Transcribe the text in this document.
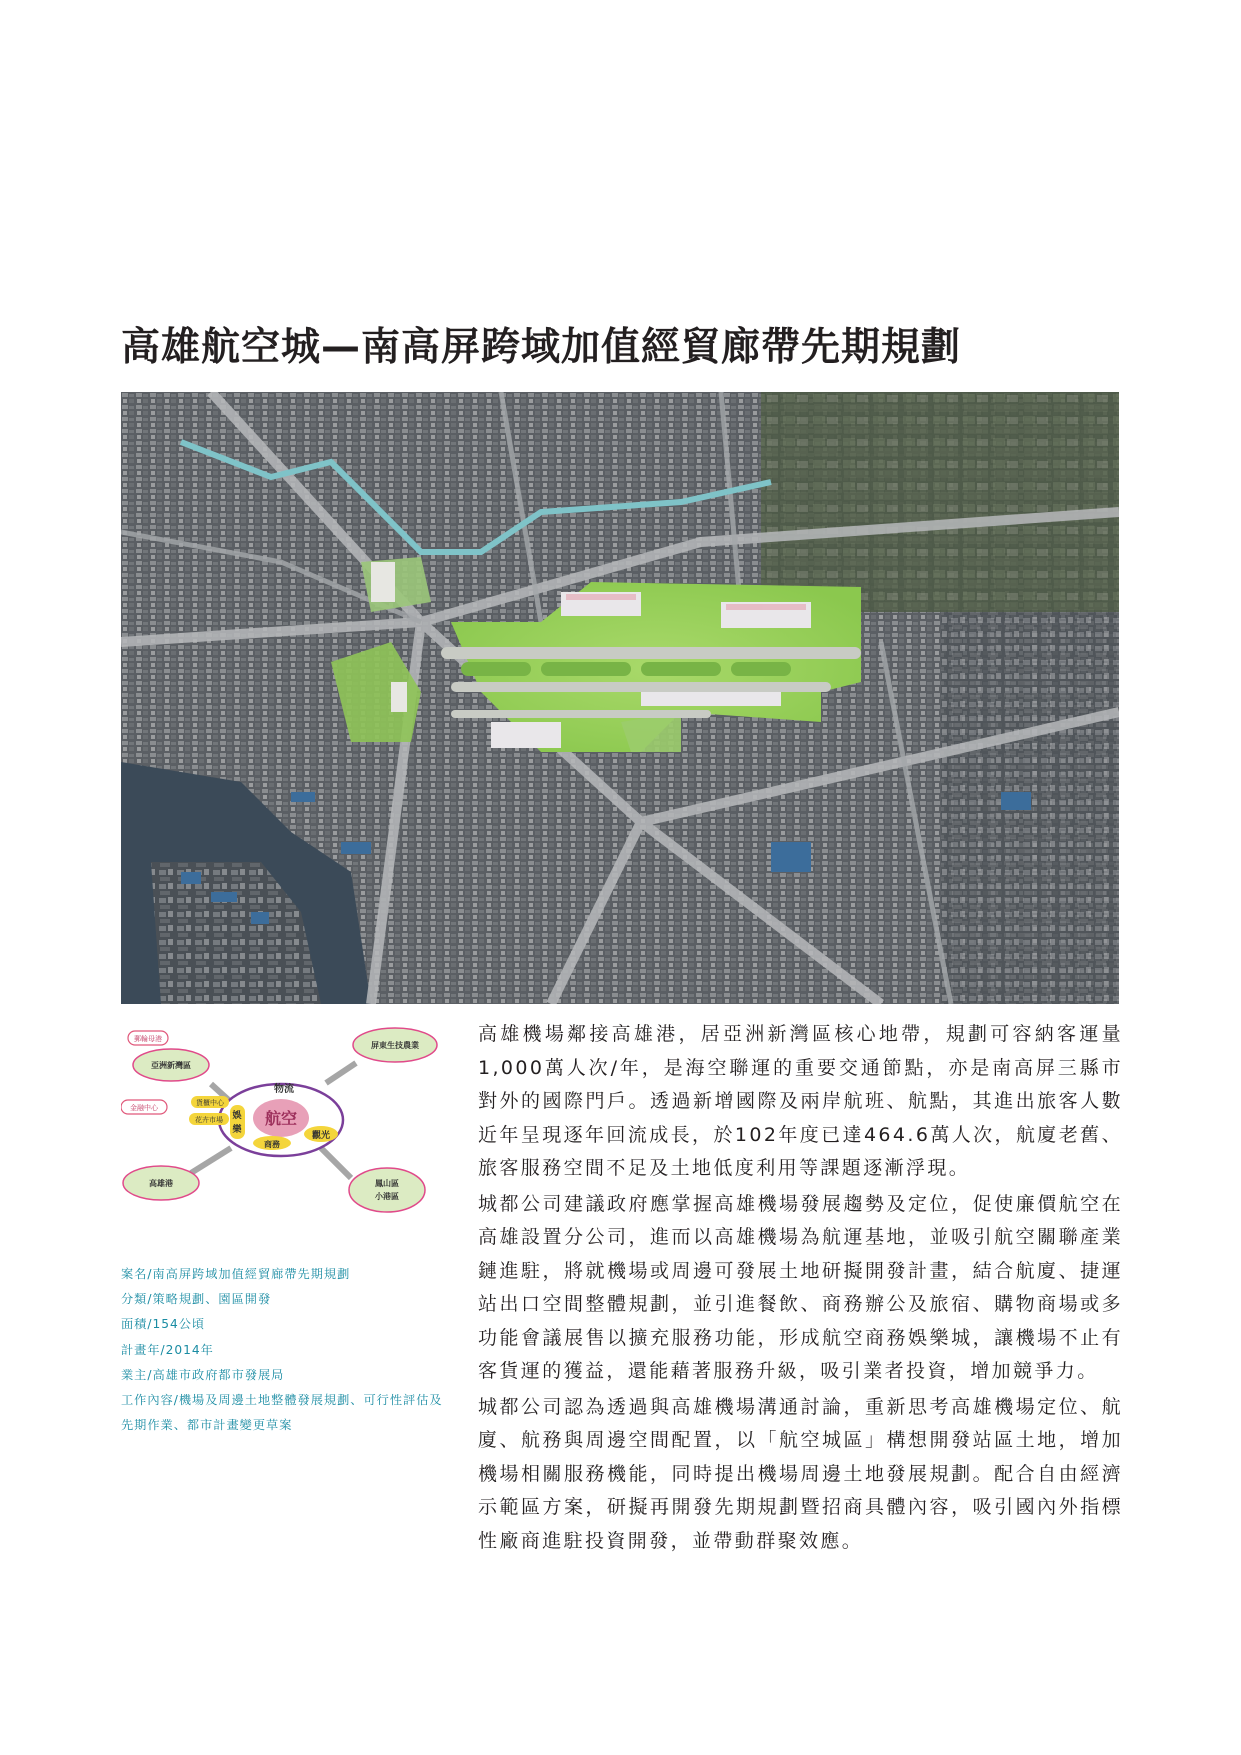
高雄航空城—南高屏跨域加值經貿廊帶先期規劃
航空
物流
娛
樂
商務
觀光
貨櫃中心
花卉市場
亞洲新灣區
屏東生技農業
高雄港	鳳山區
小港區
郵輪母港
金融中心
案名/南高屏跨域加值經貿廊帶先期規劃
分類/策略規劃、園區開發
面積/154公頃
計畫年/2014年
業主/高雄市政府都市發展局
工作內容/機場及周邊土地整體發展規劃、可行性評估及先期作業、都市計畫變更草案

高雄機場鄰接高雄港，居亞洲新灣區核心地帶，規劃可容納客運量1,000萬人次/年，是海空聯運的重要交通節點，亦是南高屏三縣市對外的國際門戶。透過新增國際及兩岸航班、航點，其進出旅客人數近年呈現逐年回流成長，於102年度已達464.6萬人次，航廈老舊、旅客服務空間不足及土地低度利用等課題逐漸浮現。

城都公司建議政府應掌握高雄機場發展趨勢及定位，促使廉價航空在高雄設置分公司，進而以高雄機場為航運基地，並吸引航空關聯產業鏈進駐，將就機場或周邊可發展土地研擬開發計畫，結合航廈、捷運站出口空間整體規劃，並引進餐飲、商務辦公及旅宿、購物商場或多功能會議展售以擴充服務功能，形成航空商務娛樂城，讓機場不止有客貨運的獲益，還能藉著服務升級，吸引業者投資，增加競爭力。

城都公司認為透過與高雄機場溝通討論，重新思考高雄機場定位、航廈、航務與周邊空間配置，以「航空城區」構想開發站區土地，增加機場相關服務機能，同時提出機場周邊土地發展規劃。配合自由經濟示範區方案，研擬再開發先期規劃暨招商具體內容，吸引國內外指標性廠商進駐投資開發，並帶動群聚效應。
